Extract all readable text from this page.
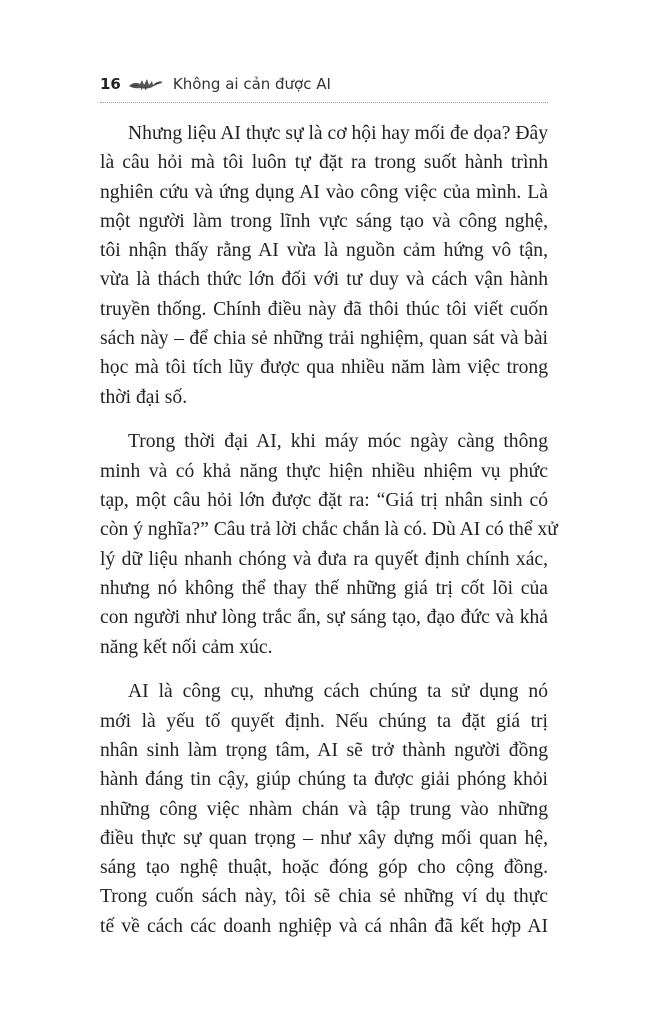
16	Không ai cản được AI
Nhưng liệu AI thực sự là cơ hội hay mối đe dọa? Đây
là câu hỏi mà tôi luôn tự đặt ra trong suốt hành trình
nghiên cứu và ứng dụng AI vào công việc của mình. Là
một người làm trong lĩnh vực sáng tạo và công nghệ,
tôi nhận thấy rằng AI vừa là nguồn cảm hứng vô tận,
vừa là thách thức lớn đối với tư duy và cách vận hành
truyền thống. Chính điều này đã thôi thúc tôi viết cuốn
sách này – để chia sẻ những trải nghiệm, quan sát và bài
học mà tôi tích lũy được qua nhiều năm làm việc trong
thời đại số.
Trong thời đại AI, khi máy móc ngày càng thông
minh và có khả năng thực hiện nhiều nhiệm vụ phức
tạp, một câu hỏi lớn được đặt ra: “Giá trị nhân sinh có
còn ý nghĩa?” Câu trả lời chắc chắn là có. Dù AI có thể xử
lý dữ liệu nhanh chóng và đưa ra quyết định chính xác,
nhưng nó không thể thay thế những giá trị cốt lõi của
con người như lòng trắc ẩn, sự sáng tạo, đạo đức và khả
năng kết nối cảm xúc.
AI là công cụ, nhưng cách chúng ta sử dụng nó
mới là yếu tố quyết định. Nếu chúng ta đặt giá trị
nhân sinh làm trọng tâm, AI sẽ trở thành người đồng
hành đáng tin cậy, giúp chúng ta được giải phóng khỏi
những công việc nhàm chán và tập trung vào những
điều thực sự quan trọng – như xây dựng mối quan hệ,
sáng tạo nghệ thuật, hoặc đóng góp cho cộng đồng.
Trong cuốn sách này, tôi sẽ chia sẻ những ví dụ thực
tế về cách các doanh nghiệp và cá nhân đã kết hợp AI
